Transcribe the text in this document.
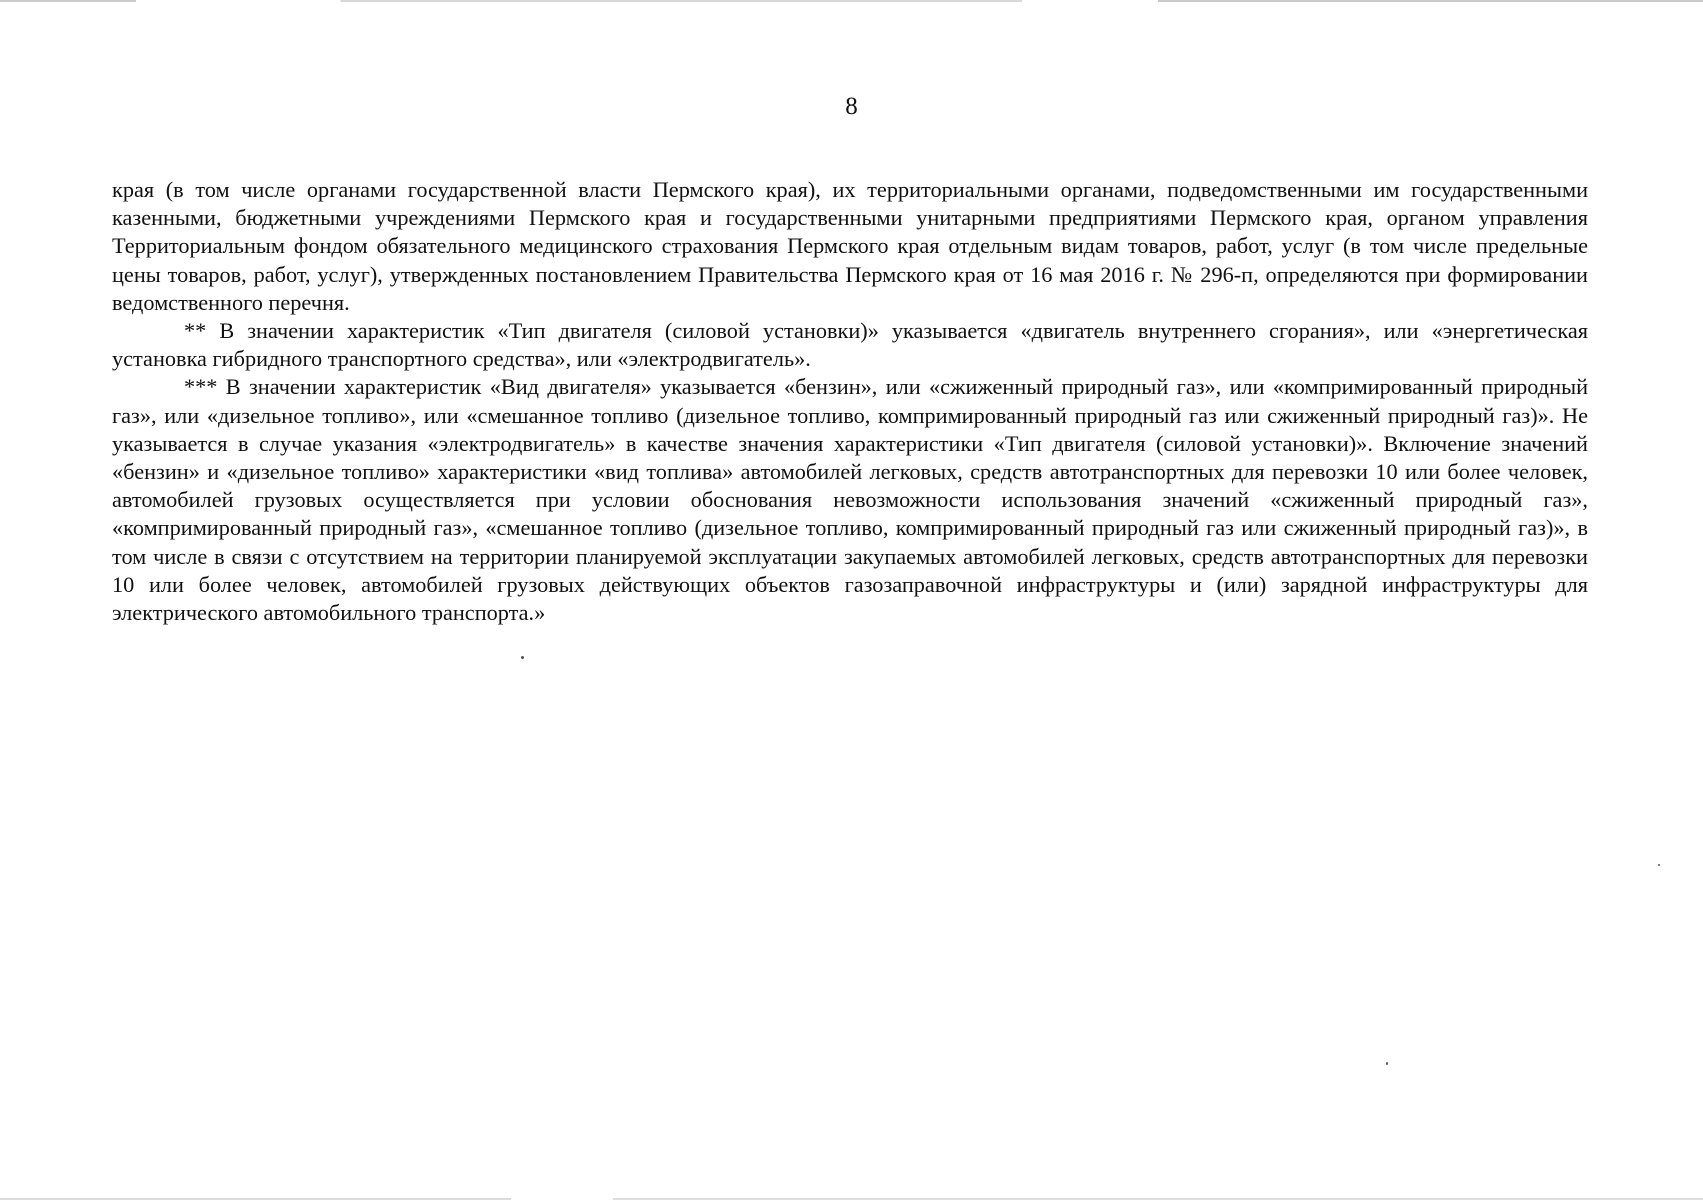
8

края (в том числе органами государственной власти Пермского края), их территориальными органами, подведомственными им государственными казенными, бюджетными учреждениями Пермского края и государственными унитарными предприятиями Пермского края, органом управления Территориальным фондом обязательного медицинского страхования Пермского края отдельным видам товаров, работ, услуг (в том числе предельные цены товаров, работ, услуг), утвержденных постановлением Правительства Пермского края от 16 мая 2016 г. № 296-п, определяются при формировании ведомственного перечня.

** В значении характеристик «Тип двигателя (силовой установки)» указывается «двигатель внутреннего сгорания», или «энергетическая установка гибридного транспортного средства», или «электродвигатель».

*** В значении характеристик «Вид двигателя» указывается «бензин», или «сжиженный природный газ», или «компримированный природный газ», или «дизельное топливо», или «смешанное топливо (дизельное топливо, компримированный природный газ или сжиженный природный газ)». Не указывается в случае указания «электродвигатель» в качестве значения характеристики «Тип двигателя (силовой установки)». Включение значений «бензин» и «дизельное топливо» характеристики «вид топлива» автомобилей легковых, средств автотранспортных для перевозки 10 или более человек, автомобилей грузовых осуществляется при условии обоснования невозможности использования значений «сжиженный природный газ», «компримированный природный газ», «смешанное топливо (дизельное топливо, компримированный природный газ или сжиженный природный газ)», в том числе в связи с отсутствием на территории планируемой эксплуатации закупаемых автомобилей легковых, средств автотранспортных для перевозки 10 или более человек, автомобилей грузовых действующих объектов газозаправочной инфраструктуры и (или) зарядной инфраструктуры для электрического автомобильного транспорта.»
